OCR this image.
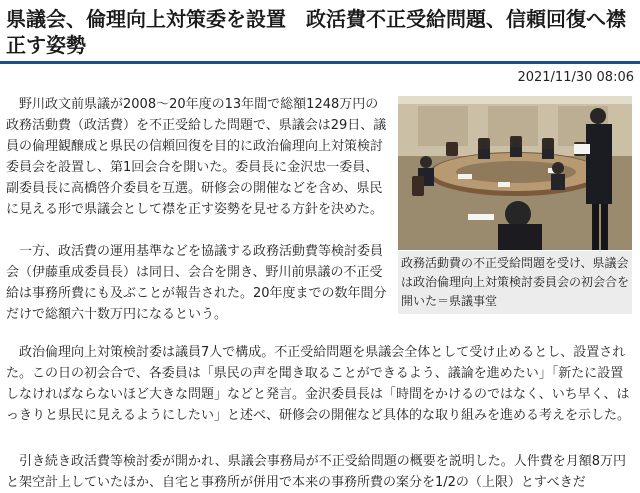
県議会、倫理向上対策委を設置　政活費不正受給問題、信頼回復へ襟正す姿勢
2021/11/30 08:06

野川政文前県議が2008～20年度の13年間で総額1248万円の政務活動費（政活費）を不正受給した問題で、県議会は29日、議員の倫理観醸成と県民の信頼回復を目的に政治倫理向上対策検討委員会を設置し、第1回会合を開いた。委員長に金沢忠一委員、副委員長に高橋啓介委員を互選。研修会の開催などを含め、県民に見える形で県議会として襟を正す姿勢を見せる方針を決めた。

一方、政活費の運用基準などを協議する政務活動費等検討委員会（伊藤重成委員長）は同日、会合を開き、野川前県議の不正受給は事務所費にも及ぶことが報告された。20年度までの数年間分だけで総額六十数万円になるという。

政務活動費の不正受給問題を受け、県議会は政治倫理向上対策検討委員会の初会合を開いた＝県議事堂

政治倫理向上対策検討委は議員7人で構成。不正受給問題を県議会全体として受け止めるとし、設置された。この日の初会合で、各委員は「県民の声を聞き取ることができるよう、議論を進めたい」「新たに設置しなければならないほど大きな問題」などと発言。金沢委員長は「時間をかけるのではなく、いち早く、はっきりと県民に見えるようにしたい」と述べ、研修会の開催など具体的な取り組みを進める考えを示した。

引き続き政活費等検討委が開かれ、県議会事務局が不正受給問題の概要を説明した。人件費を月額8万円と架空計上していたほか、自宅と事務所が併用で本来の事務所費の案分を1/2の（上限）とすべきだ
